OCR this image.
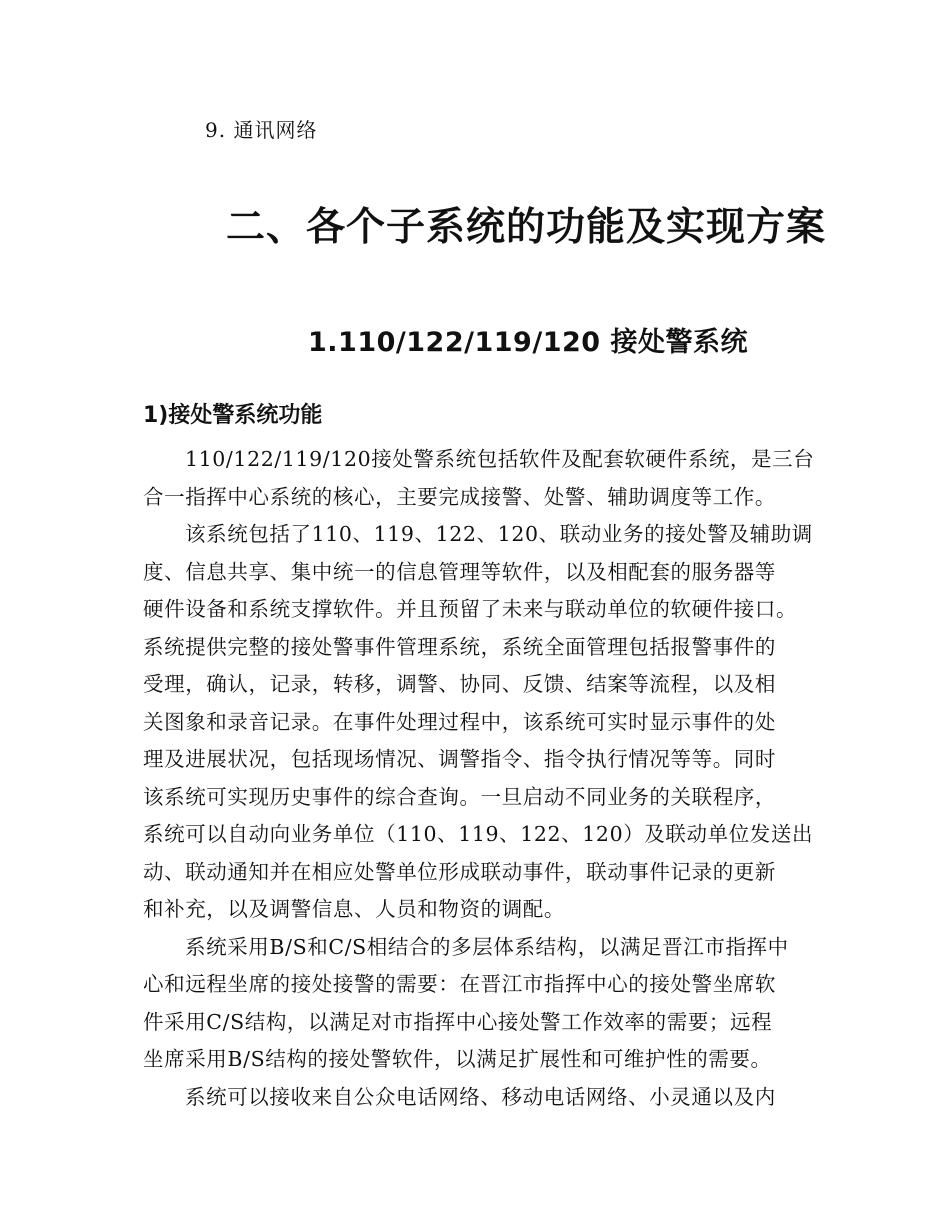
9. 通讯网络
二、各个子系统的功能及实现方案
1.110/122/119/120 接处警系统
1)接处警系统功能
110/122/119/120接处警系统包括软件及配套软硬件系统，是三台
合一指挥中心系统的核心，主要完成接警、处警、辅助调度等工作。
该系统包括了110、119、122、120、联动业务的接处警及辅助调
度、信息共享、集中统一的信息管理等软件，以及相配套的服务器等
硬件设备和系统支撑软件。并且预留了未来与联动单位的软硬件接口。
系统提供完整的接处警事件管理系统，系统全面管理包括报警事件的
受理，确认，记录，转移，调警、协同、反馈、结案等流程，以及相
关图象和录音记录。在事件处理过程中，该系统可实时显示事件的处
理及进展状况，包括现场情况、调警指令、指令执行情况等等。同时
该系统可实现历史事件的综合查询。一旦启动不同业务的关联程序，
系统可以自动向业务单位（110、119、122、120）及联动单位发送出
动、联动通知并在相应处警单位形成联动事件，联动事件记录的更新
和补充，以及调警信息、人员和物资的调配。
系统采用B/S和C/S相结合的多层体系结构，以满足晋江市指挥中
心和远程坐席的接处接警的需要：在晋江市指挥中心的接处警坐席软
件采用C/S结构，以满足对市指挥中心接处警工作效率的需要；远程
坐席采用B/S结构的接处警软件，以满足扩展性和可维护性的需要。
系统可以接收来自公众电话网络、移动电话网络、小灵通以及内
